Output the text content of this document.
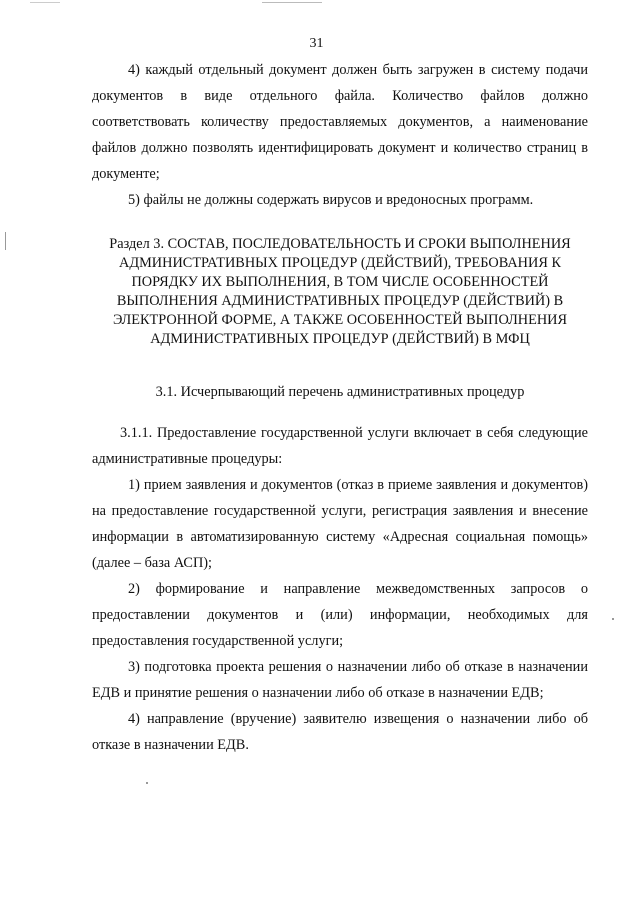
31

4) каждый отдельный документ должен быть загружен в систему подачи документов в виде отдельного файла. Количество файлов должно соответствовать количеству предоставляемых документов, а наименование файлов должно позволять идентифицировать документ и количество страниц в документе;

5) файлы не должны содержать вирусов и вредоносных программ.

Раздел 3. СОСТАВ, ПОСЛЕДОВАТЕЛЬНОСТЬ И СРОКИ ВЫПОЛНЕНИЯ
АДМИНИСТРАТИВНЫХ ПРОЦЕДУР (ДЕЙСТВИЙ), ТРЕБОВАНИЯ К
ПОРЯДКУ ИХ ВЫПОЛНЕНИЯ, В ТОМ ЧИСЛЕ ОСОБЕННОСТЕЙ
ВЫПОЛНЕНИЯ АДМИНИСТРАТИВНЫХ ПРОЦЕДУР (ДЕЙСТВИЙ) В
ЭЛЕКТРОННОЙ ФОРМЕ, А ТАКЖЕ ОСОБЕННОСТЕЙ ВЫПОЛНЕНИЯ
АДМИНИСТРАТИВНЫХ ПРОЦЕДУР (ДЕЙСТВИЙ) В МФЦ
3.1. Исчерпывающий перечень административных процедур

3.1.1. Предоставление государственной услуги включает в себя следующие административные процедуры:

1) прием заявления и документов (отказ в приеме заявления и документов) на предоставление государственной услуги, регистрация заявления и внесение информации в автоматизированную систему «Адресная социальная помощь» (далее – база АСП);

2) формирование и направление межведомственных запросов о предоставлении документов и (или) информации, необходимых для предоставления государственной услуги;

3) подготовка проекта решения о назначении либо об отказе в назначении ЕДВ и принятие решения о назначении либо об отказе в назначении ЕДВ;

4) направление (вручение) заявителю извещения о назначении либо об отказе в назначении ЕДВ.
